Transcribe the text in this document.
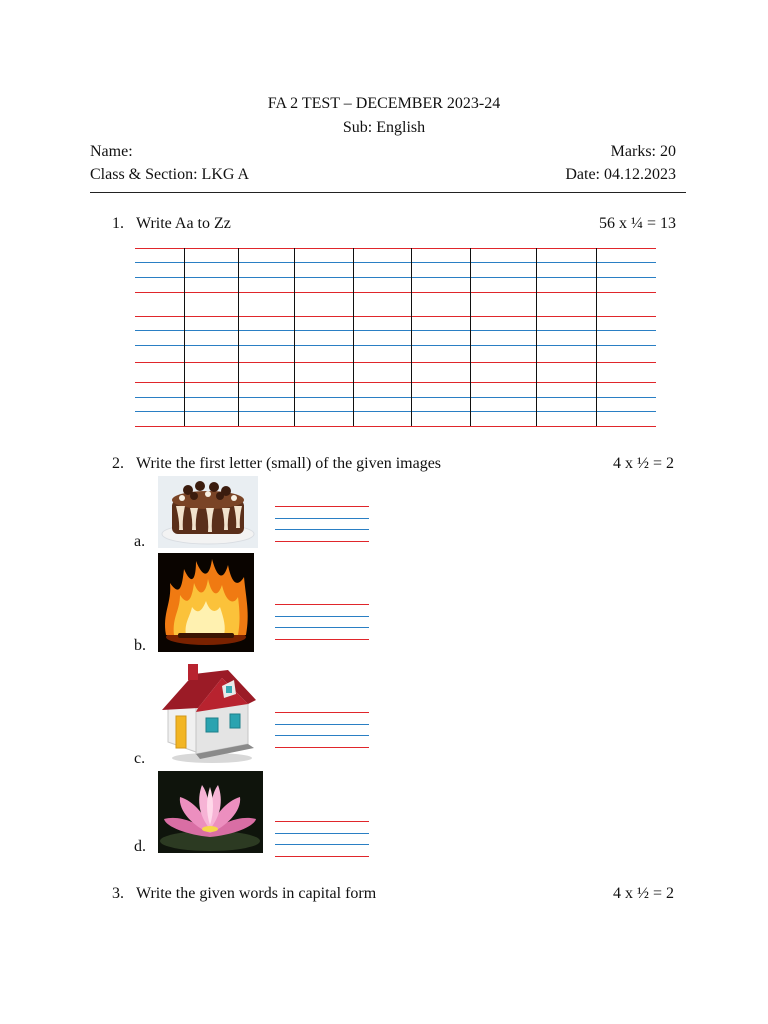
FA 2 TEST – DECEMBER 2023-24
Sub: English
Name:	Marks: 20
Class & Section: LKG A	Date: 04.12.2023
1. Write Aa to Zz	56 x ¼ = 13
2. Write the first letter (small) of the given images	4 x ½ = 2
a.
b.
c.
d.
3. Write the given words in capital form	4 x ½ = 2
